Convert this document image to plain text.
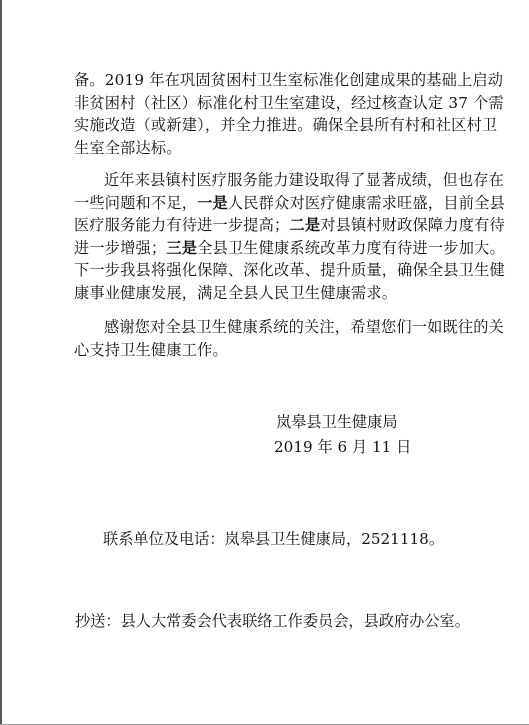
备。2019 年在巩固贫困村卫生室标准化创建成果的基础上启动
非贫困村（社区）标准化村卫生室建设，经过核查认定 37 个需
实施改造（或新建），并全力推进。确保全县所有村和社区村卫
生室全部达标。
近年来县镇村医疗服务能力建设取得了显著成绩，但也存在
一些问题和不足，一是人民群众对医疗健康需求旺盛，目前全县
医疗服务能力有待进一步提高；二是对县镇村财政保障力度有待
进一步增强；三是全县卫生健康系统改革力度有待进一步加大。
下一步我县将强化保障、深化改革、提升质量，确保全县卫生健
康事业健康发展，满足全县人民卫生健康需求。
感谢您对全县卫生健康系统的关注，希望您们一如既往的关
心支持卫生健康工作。
岚皋县卫生健康局
2019 年 6 月 11 日
联系单位及电话：岚皋县卫生健康局，2521118。
抄送：县人大常委会代表联络工作委员会，县政府办公室。
